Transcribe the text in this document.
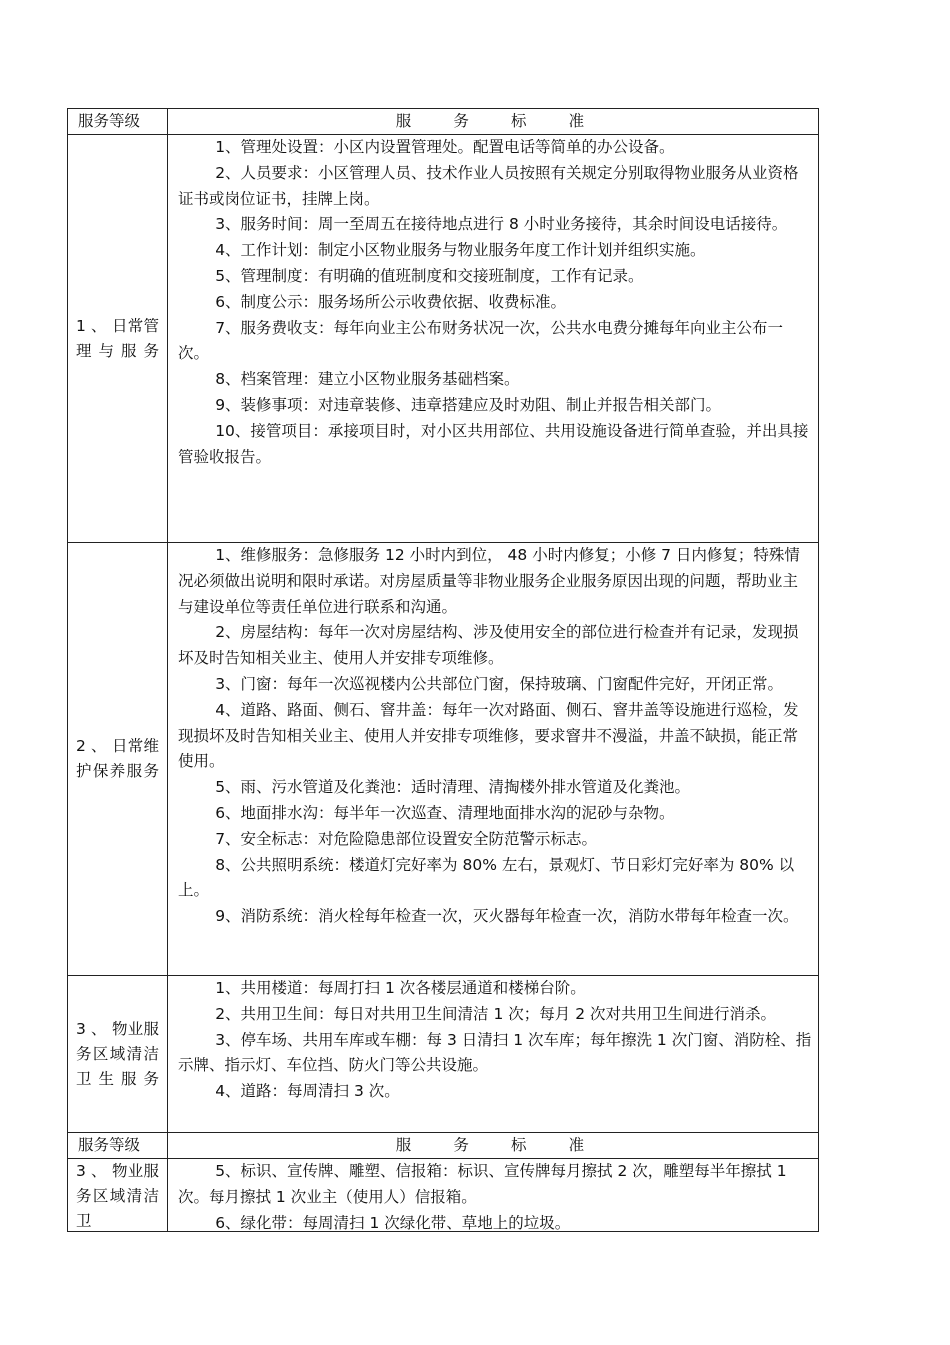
服务等级	服 务 标 准
1 、 日常管理与服务

1、管理处设置：小区内设置管理处。配置电话等简单的办公设备。

2、人员要求：小区管理人员、技术作业人员按照有关规定分别取得物业服务从业资格证书或岗位证书，挂牌上岗。

3、服务时间：周一至周五在接待地点进行 8 小时业务接待，其余时间设电话接待。

4、工作计划：制定小区物业服务与物业服务年度工作计划并组织实施。

5、管理制度：有明确的值班制度和交接班制度，工作有记录。

6、制度公示：服务场所公示收费依据、收费标准。

7、服务费收支：每年向业主公布财务状况一次，公共水电费分摊每年向业主公布一次。

8、档案管理：建立小区物业服务基础档案。

9、装修事项：对违章装修、违章搭建应及时劝阻、制止并报告相关部门。

10、接管项目：承接项目时，对小区共用部位、共用设施设备进行简单查验，并出具接管验收报告。

2 、 日常维护保养服务

1、维修服务：急修服务 12 小时内到位， 48 小时内修复；小修 7 日内修复；特殊情况必须做出说明和限时承诺。对房屋质量等非物业服务企业服务原因出现的问题，帮助业主与建设单位等责任单位进行联系和沟通。

2、房屋结构：每年一次对房屋结构、涉及使用安全的部位进行检查并有记录，发现损坏及时告知相关业主、使用人并安排专项维修。

3、门窗：每年一次巡视楼内公共部位门窗，保持玻璃、门窗配件完好，开闭正常。

4、道路、路面、侧石、窨井盖：每年一次对路面、侧石、窨井盖等设施进行巡检，发现损坏及时告知相关业主、使用人并安排专项维修，要求窨井不漫溢，井盖不缺损，能正常使用。

5、雨、污水管道及化粪池：适时清理、清掏楼外排水管道及化粪池。

6、地面排水沟：每半年一次巡查、清理地面排水沟的泥砂与杂物。

7、安全标志：对危险隐患部位设置安全防范警示标志。

8、公共照明系统：楼道灯完好率为 80% 左右，景观灯、节日彩灯完好率为 80% 以上。

9、消防系统：消火栓每年检查一次，灭火器每年检查一次，消防水带每年检查一次。

3 、 物业服务区域清洁卫生服务

1、共用楼道：每周打扫 1 次各楼层通道和楼梯台阶。

2、共用卫生间：每日对共用卫生间清洁 1 次；每月 2 次对共用卫生间进行消杀。

3、停车场、共用车库或车棚：每 3 日清扫 1 次车库；每年擦洗 1 次门窗、消防栓、指示牌、指示灯、车位挡、防火门等公共设施。

4、道路：每周清扫 3 次。

服务等级	服 务 标 准
3 、 物业服务区域清洁卫

5、标识、宣传牌、雕塑、信报箱：标识、宣传牌每月擦拭 2 次，雕塑每半年擦拭 1 次。每月擦拭 1 次业主（使用人）信报箱。

6、绿化带：每周清扫 1 次绿化带、草地上的垃圾。
